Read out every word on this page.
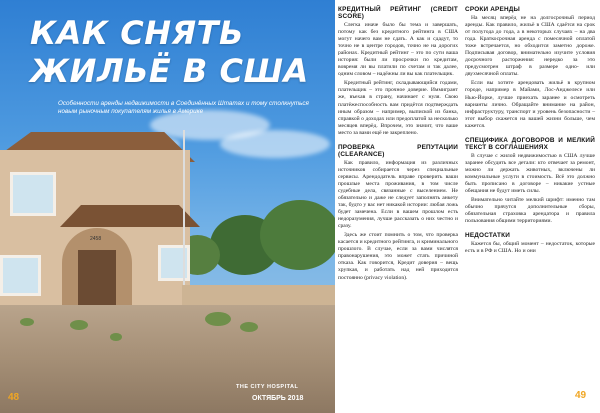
2458
КАК СНЯТЬ
ЖИЛЬЁ В США

Особенности аренды недвижимости в Соединённых Штатах и тому столкнуться новым рыночным покупателям жилья в Америке

48
THE CITY HOSPITAL
ОКТЯБРЬ 2018
КРЕДИТНЫЙ РЕЙТИНГ (CREDIT SCORE)

Слегка иначе было бы тема и завершать, потому как без кредитного рейтинга в США могут начего вам не сдать. А как и сдадут, то точно не в центре городов, точно не на дорогих районах. Кредитный рейтинг – это по сути ваша история: были ли просрочки по кредитам, вовремя ли вы платили по счетам и так далее, одним словом – надёжны ли вы как плательщик.

Кредитный рейтинг, складывающийся годами, плательщик – это прочное доверие. Иммигрант же, въехав в страну, начинает с нуля. Свою платёжеспособность вам придётся подтверждать иным образом – например, выпиской из банка, справкой о доходах или предоплатой за несколько месяцев вперёд. Впрочем, это значит, что ваше место за вами ещё не закреплено.

ПРОВЕРКА РЕПУТАЦИИ (CLEARANCE)

Как правило, информация из различных источников собирается через специальные сервисы. Арендодатель вправе проверить ваши прошлые места проживания, в том числе судебные дела, связанные с выселением. Не обязательно и даже не следует заполнять анкету так, будто у вас нет никакой истории: любая ложь будет замечена. Если в вашем прошлом есть недоразумения, лучше рассказать о них честно и сразу.

Здесь же стоит помнить о том, что проверка касается и кредитного рейтинга, и криминального прошлого. В случае, если за вами числятся правонарушения, это может стать причиной отказа. Как говорится, Кредит доверия – вещь хрупкая, и работать над ней приходится постоянно (privacy violation).

СРОКИ АРЕНДЫ

На месяц вперёд не на долгосрочный период аренды. Как правило, жильё в США сдаётся на срок от полугода до года, а в некоторых случаях – на два года. Краткосрочная аренда с помесячной оплатой тоже встречается, но обходится заметно дороже. Подписывая договор, внимательно изучите условия досрочного расторжения: нередко за это предусмотрен штраф в размере одно- или двухмесячной оплаты.

Если вы хотите арендовать жильё в крупном городе, например в Майами, Лос-Анджелесе или Нью-Йорке, лучше приехать заранее и осмотреть варианты лично. Обращайте внимание на район, инфраструктуру, транспорт и уровень безопасности – этот выбор скажется на вашей жизни больше, чем кажется.

СПЕЦИФИКА ДОГОВОРОВ И МЕЛКИЙ ТЕКСТ В СОГЛАШЕНИЯХ

В случае с жилой недвижимостью в США лучше заранее обсудить все детали: кто отвечает за ремонт, можно ли держать животных, включены ли коммунальные услуги в стоимость. Всё это должно быть прописано в договоре – никакие устные обещания не будут иметь силы.

Внимательно читайте мелкий шрифт: именно там обычно прячутся дополнительные сборы, обязательная страховка арендатора и правила пользования общими территориями.

НЕДОСТАТКИ

Кажется бы, общий момент – недостаток, которые есть и в РФ и США. Но и они

49
